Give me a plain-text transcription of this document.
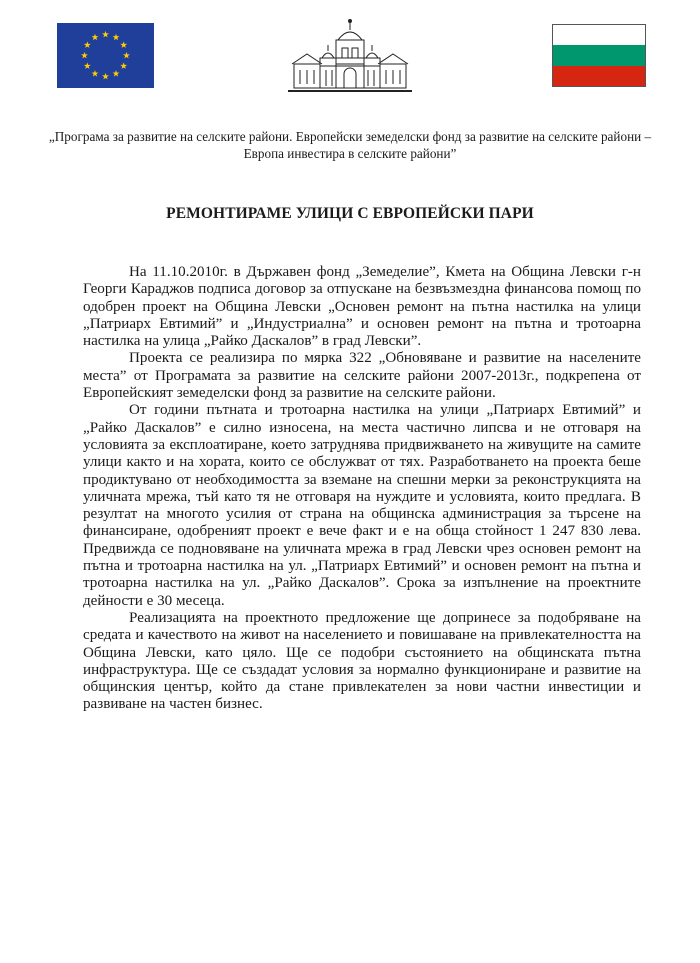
„Програма за развитие на селските райони. Европейски земеделски фонд за развитие на селските райони – Европа инвестира в селските райони”
РЕМОНТИРАМЕ УЛИЦИ С ЕВРОПЕЙСКИ ПАРИ

На 11.10.2010г. в Държавен фонд „Земеделие”, Кмета на Община Левски г-н Георги Караджов подписа договор за отпускане на безвъзмездна финансова помощ по одобрен проект на Община Левски „Основен ремонт на пътна настилка на улици „Патриарх Евтимий” и „Индустриална” и основен ремонт на пътна и тротоарна настилка на улица „Райко Даскалов” в град Левски”.

Проекта се реализира по мярка 322 „Обновяване и развитие на населените места” от Програмата за развитие на селските райони 2007-2013г., подкрепена от Европейският земеделски фонд за развитие на селските райони.

От години пътната и тротоарна настилка на улици „Патриарх Евтимий” и „Райко Даскалов” е силно износена, на места частично липсва и не отговаря на условията за експлоатиране, което затруднява придвижването на живущите на самите улици както и на хората, които се обслужват от тях. Разработването на проекта беше продиктувано от необходимостта за вземане на спешни мерки за реконструкцията на уличната мрежа, тъй като тя не отговаря на нуждите и условията, които предлага. В резултат на многото усилия от страна на общинска администрация за търсене на финансиране, одобреният проект е вече факт и е на обща стойност 1 247 830 лева. Предвижда се подновяване на уличната мрежа в град Левски чрез основен ремонт на пътна и тротоарна настилка на ул. „Патриарх Евтимий” и основен ремонт на пътна и тротоарна настилка на ул. „Райко Даскалов”. Срока за изпълнение на проектните дейности е 30 месеца.

Реализацията на проектното предложение ще допринесе за подобряване на средата и качеството на живот на населението и повишаване на привлекателността на Община Левски, като цяло. Ще се подобри състоянието на общинската пътна инфраструктура. Ще се създадат условия за нормално функциониране и развитие на общинския център, който да стане привлекателен за нови частни инвестиции и развиване на частен бизнес.
